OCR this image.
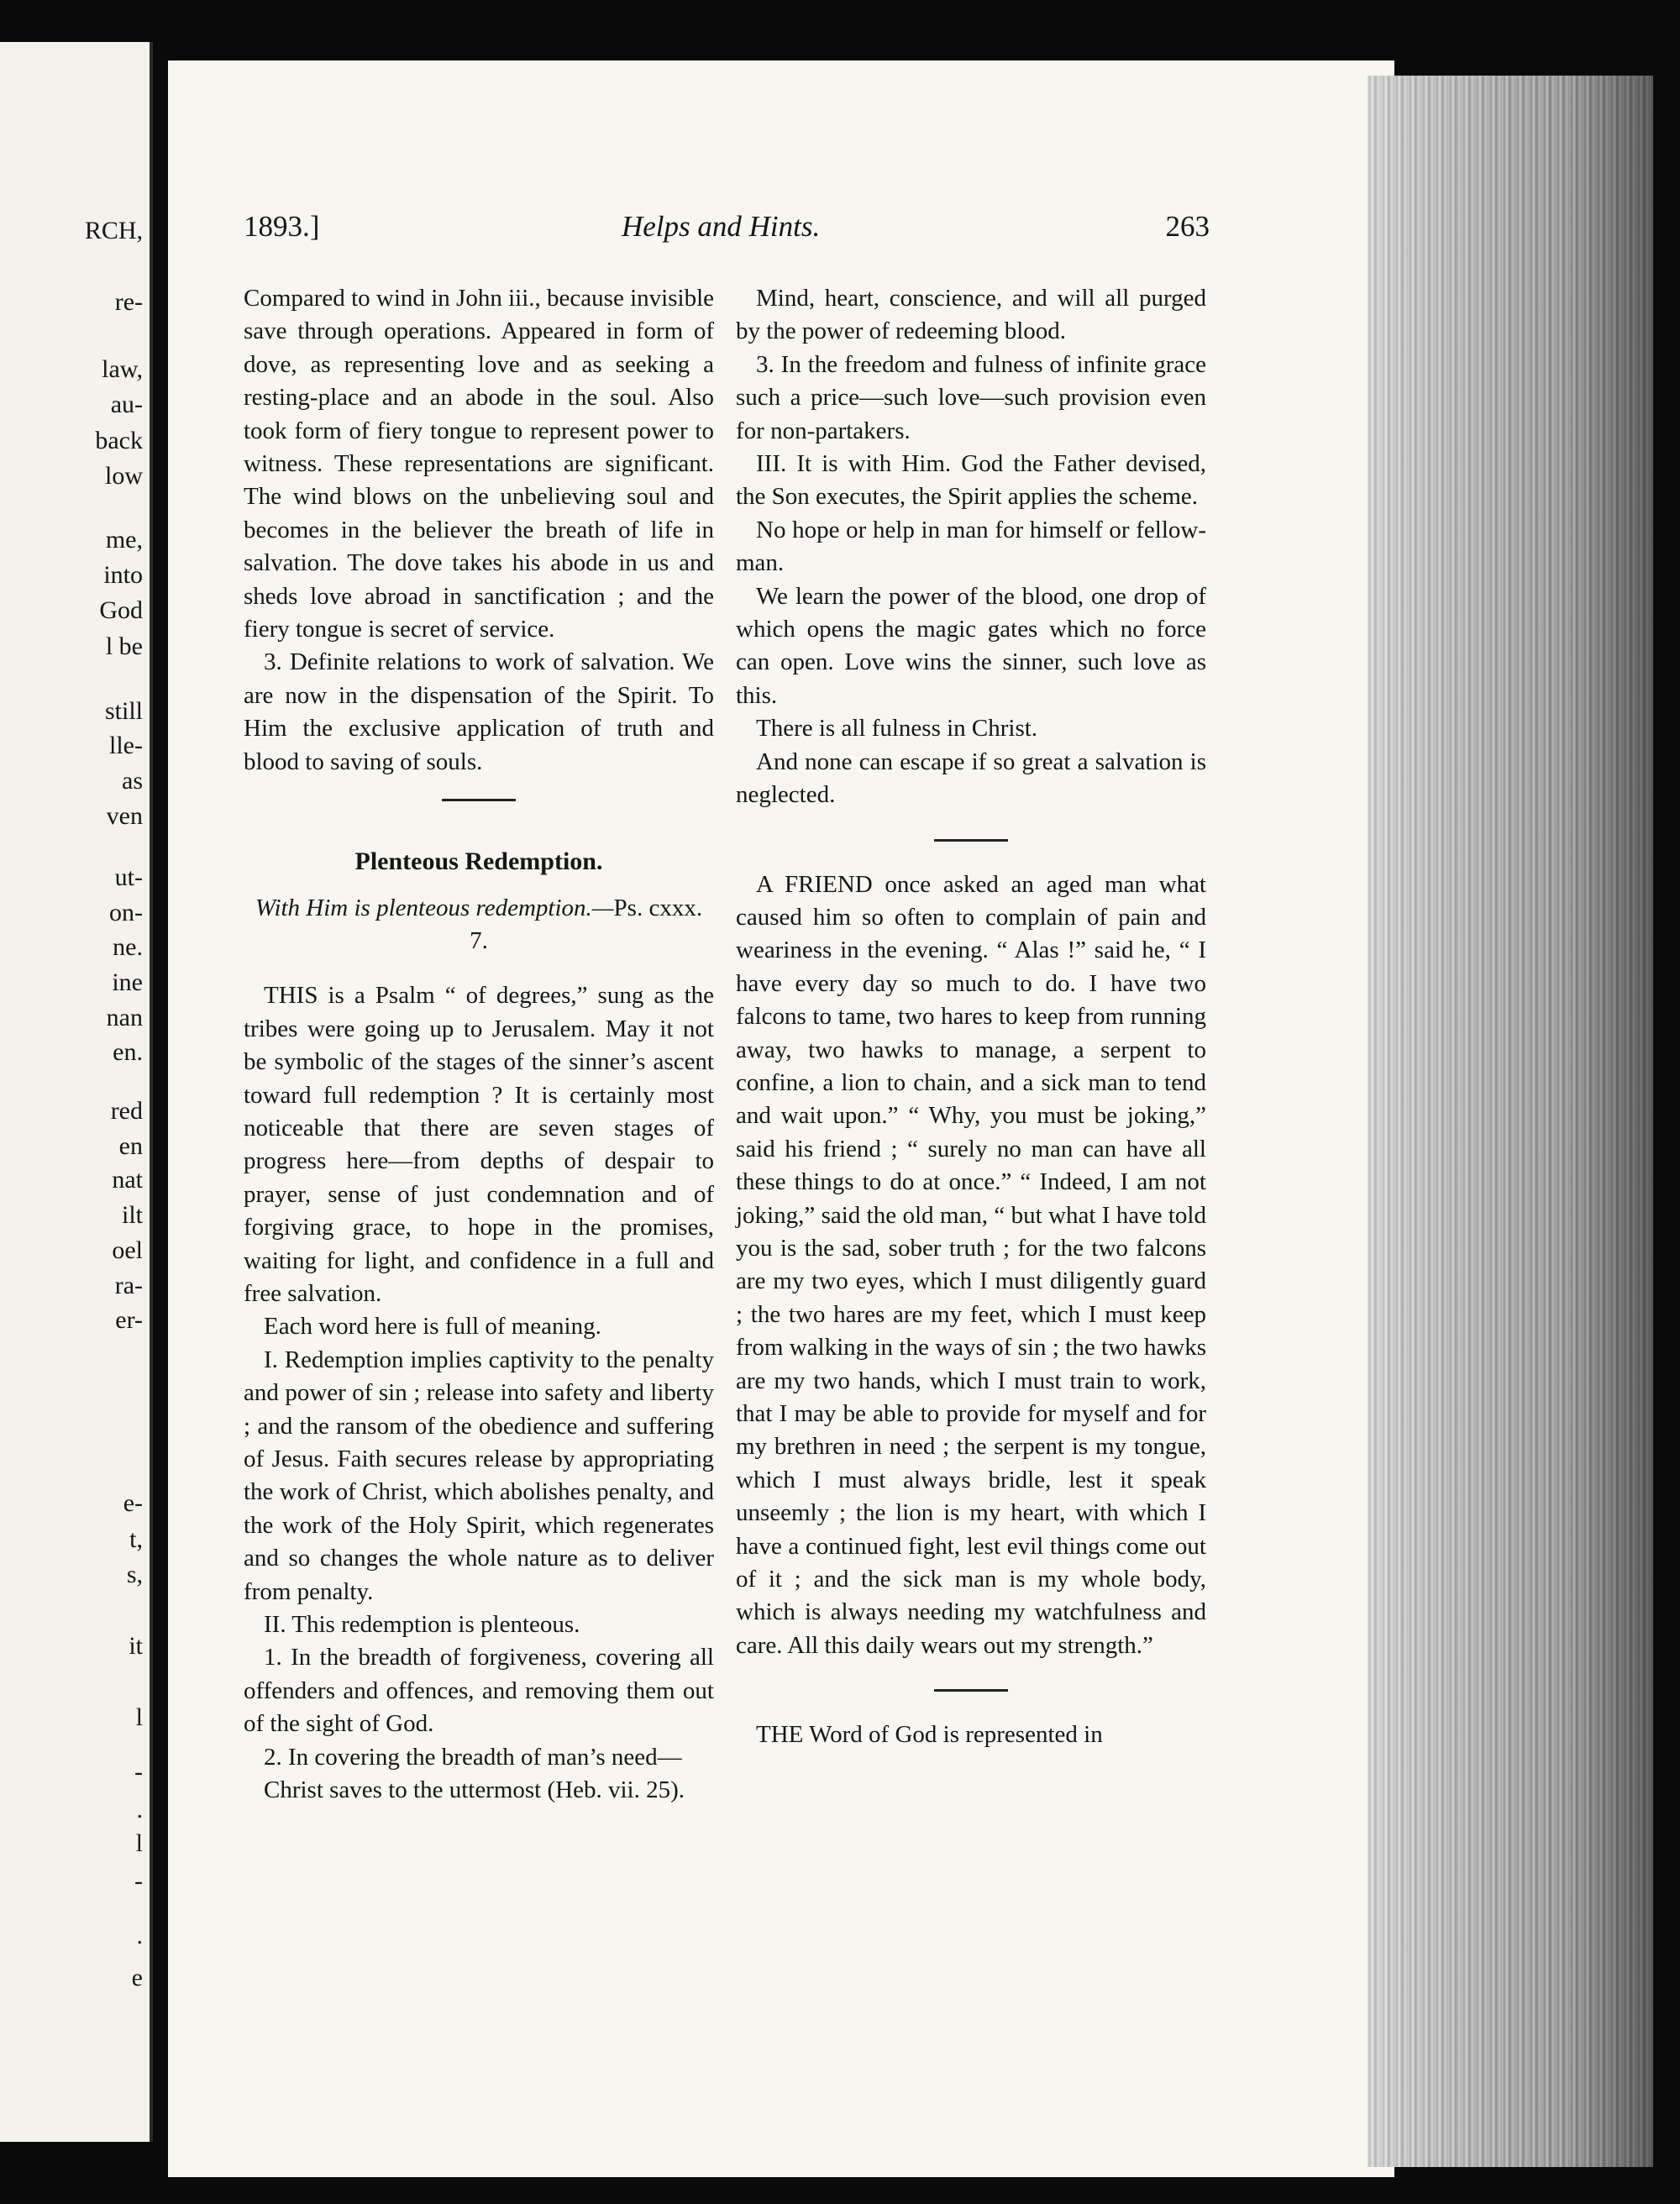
RCH,
re-
law,
au-
back
low
me,
into
God
l be
still
lle-
as
ven
ut-
on-
ne.
ine
nan
en.
red
en
nat
ilt
oel
ra-
er-
e-
t,
s,
it
l
-
.
l
-
.
e
1893.]	Helps and Hints.	263

Compared to wind in John iii., because invisible save through operations. Appeared in form of dove, as representing love and as seeking a resting-place and an abode in the soul. Also took form of fiery tongue to represent power to witness. These representations are significant. The wind blows on the unbelieving soul and becomes in the believer the breath of life in salvation. The dove takes his abode in us and sheds love abroad in sanctification ; and the fiery tongue is secret of service.

3. Definite relations to work of salvation. We are now in the dispensation of the Spirit. To Him the exclusive application of truth and blood to saving of souls.

Plenteous Redemption.

With Him is plenteous redemption.—Ps. cxxx. 7.

THIS is a Psalm “ of degrees,” sung as the tribes were going up to Jerusalem. May it not be symbolic of the stages of the sinner’s ascent toward full redemption ? It is certainly most noticeable that there are seven stages of progress here—from depths of despair to prayer, sense of just condemnation and of forgiving grace, to hope in the promises, waiting for light, and confidence in a full and free salvation.

Each word here is full of meaning.

I. Redemption implies captivity to the penalty and power of sin ; release into safety and liberty ; and the ransom of the obedience and suffering of Jesus. Faith secures release by appropriating the work of Christ, which abolishes penalty, and the work of the Holy Spirit, which regenerates and so changes the whole nature as to deliver from penalty.

II. This redemption is plenteous.

1. In the breadth of forgiveness, covering all offenders and offences, and removing them out of the sight of God.

2. In covering the breadth of man’s need—

Christ saves to the uttermost (Heb. vii. 25).

Mind, heart, conscience, and will all purged by the power of redeeming blood.

3. In the freedom and fulness of infinite grace such a price—such love—such provision even for non-partakers.

III. It is with Him. God the Father devised, the Son executes, the Spirit applies the scheme.

No hope or help in man for himself or fellow-man.

We learn the power of the blood, one drop of which opens the magic gates which no force can open. Love wins the sinner, such love as this.

There is all fulness in Christ.

And none can escape if so great a salvation is neglected.

A FRIEND once asked an aged man what caused him so often to complain of pain and weariness in the evening. “ Alas !” said he, “ I have every day so much to do. I have two falcons to tame, two hares to keep from running away, two hawks to manage, a serpent to confine, a lion to chain, and a sick man to tend and wait upon.” “ Why, you must be joking,” said his friend ; “ surely no man can have all these things to do at once.” “ Indeed, I am not joking,” said the old man, “ but what I have told you is the sad, sober truth ; for the two falcons are my two eyes, which I must diligently guard ; the two hares are my feet, which I must keep from walking in the ways of sin ; the two hawks are my two hands, which I must train to work, that I may be able to provide for myself and for my brethren in need ; the serpent is my tongue, which I must always bridle, lest it speak unseemly ; the lion is my heart, with which I have a continued fight, lest evil things come out of it ; and the sick man is my whole body, which is always needing my watchfulness and care. All this daily wears out my strength.”

THE Word of God is represented in
